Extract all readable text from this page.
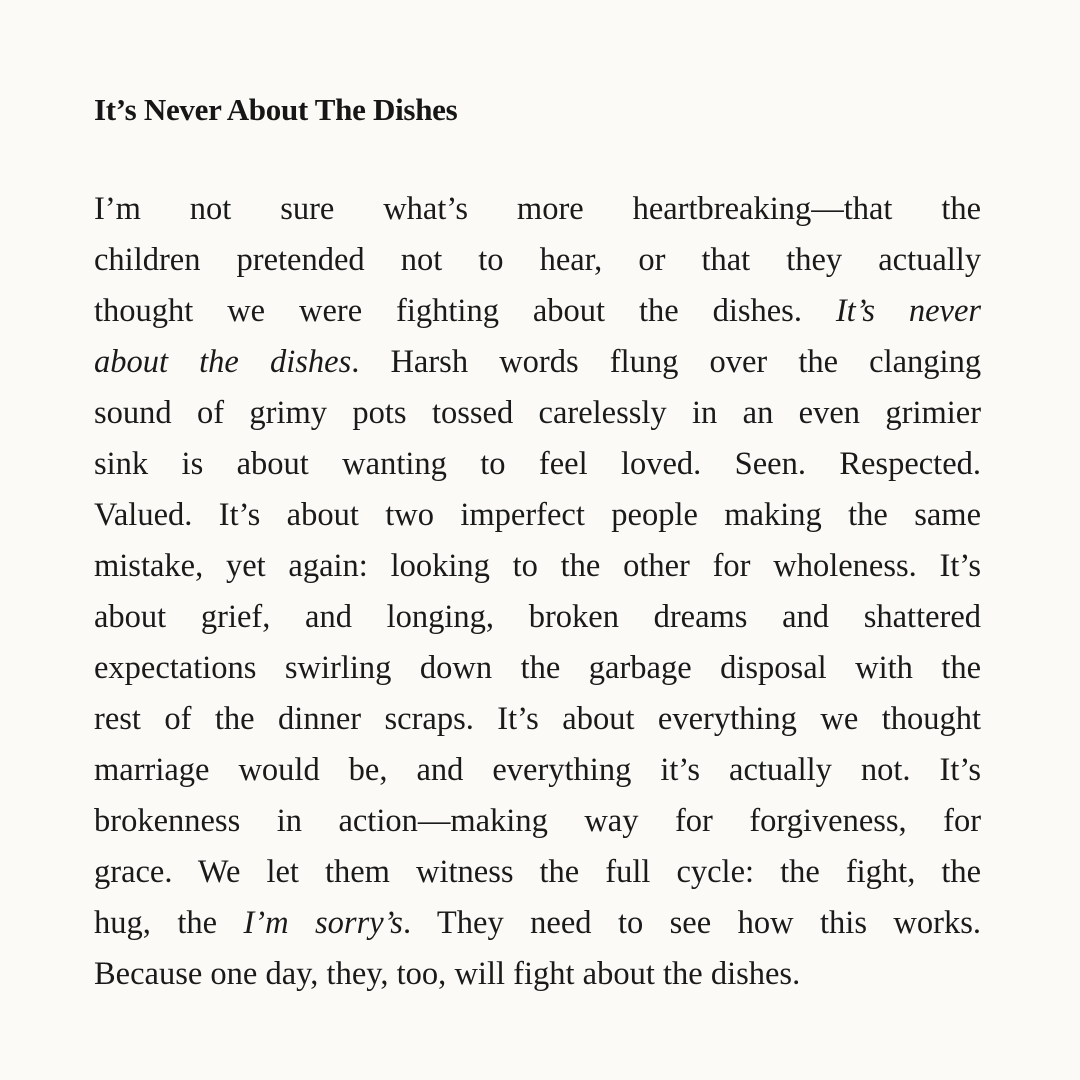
It’s Never About The Dishes
I’m not sure what’s more heartbreaking—that the
children pretended not to hear, or that they actually
thought we were fighting about the dishes. It’s never
about the dishes. Harsh words flung over the clanging
sound of grimy pots tossed carelessly in an even grimier
sink is about wanting to feel loved. Seen. Respected.
Valued. It’s about two imperfect people making the same
mistake, yet again: looking to the other for wholeness. It’s
about grief, and longing, broken dreams and shattered
expectations swirling down the garbage disposal with the
rest of the dinner scraps. It’s about everything we thought
marriage would be, and everything it’s actually not. It’s
brokenness in action—making way for forgiveness, for
grace. We let them witness the full cycle: the fight, the
hug, the I’m sorry’s. They need to see how this works.
Because one day, they, too, will fight about the dishes.
